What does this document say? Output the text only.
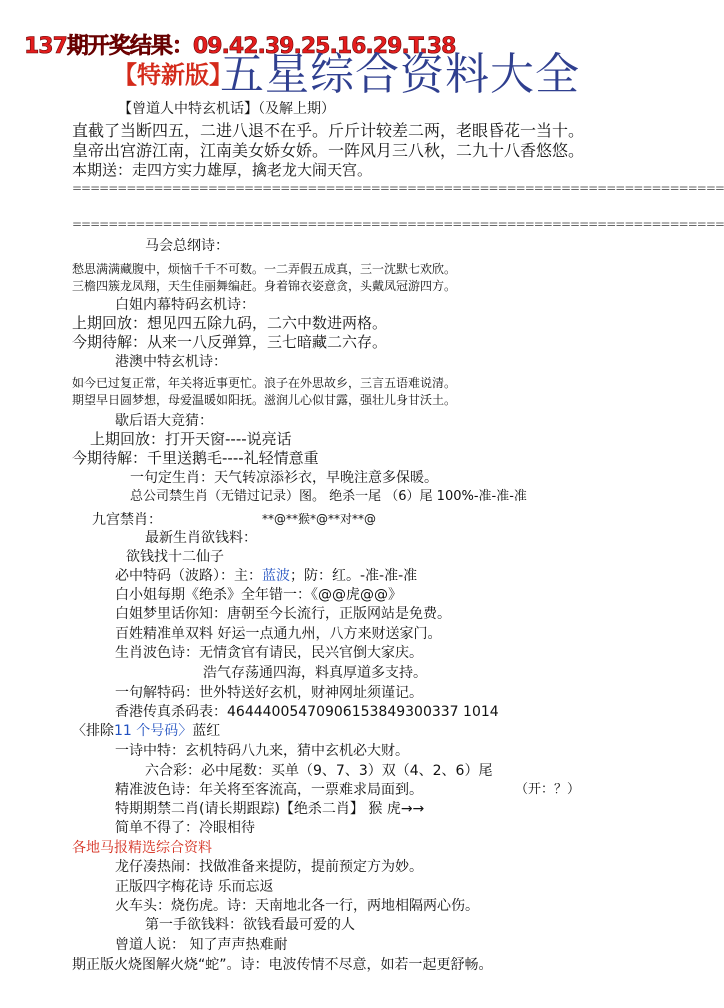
137期开奖结果：09.42.39.25.16.29.T.38
【特新版】
五星综合资料大全
【曾道人中特玄机话】（及解上期）
直截了当断四五，二进八退不在乎。斤斤计较差二两，老眼昏花一当十。
皇帝出宫游江南，江南美女娇女娇。一阵风月三八秋，二九十八香悠悠。
本期送：走四方实力雄厚，擒老龙大闹天宫。
========================================================================
========================================================================
马会总纲诗：
愁思满满藏腹中，烦恼千千不可数。一二弄假五成真，三一沈默七欢欣。
三檐四簇龙凤翔，天生佳丽舞编赶。身着锦衣姿意贪，头戴凤冠游四方。
白姐内幕特码玄机诗：
上期回放：想见四五除九码，二六中数进两格。
今期待解：从来一八反弹算，三七暗藏二六存。
港澳中特玄机诗：
如今已过复正常，年关将近事更忙。浪子在外思故乡，三言五语难说清。
期望早日圆梦想，母爱温暖如阳抚。滋润儿心似甘露，强壮儿身甘沃土。
歇后语大竞猜：
上期回放：打开天窗----说亮话
今期待解：千里送鹅毛----礼轻情意重
一句定生肖：天气转凉添衫衣，早晚注意多保暖。
总公司禁生肖（无错过记录）图。 绝杀一尾 （6）尾 100%-准-准-准
九宫禁肖：	**@**猴*@**对**@
最新生肖欲钱料：
欲钱找十二仙子
必中特码（波路）：主：蓝波；防：红。-准-准-准
白小姐每期《绝杀》全年错一：《@@虎@@》
白姐梦里话你知：唐朝至今长流行，正版网站是免费。
百姓精准单双料 好运一点通九州，八方来财送家门。
生肖波色诗：无情贪官有请民，民兴官倒大家庆。
浩气存荡通四海，料真厚道多支持。
一句解特码：世外特送好玄机，财神网址须谨记。
香港传真杀码表：46444005470906153849300337 1014
〈排除11 个号码〉蓝红
一诗中特：玄机特码八九来，猜中玄机必大财。
六合彩：必中尾数：买单（9、7、3）双（4、2、6）尾
精准波色诗：年关将至客流高，一票难求局面到。	（开：？）
特期期禁二肖(请长期跟踪)【绝杀二肖】 猴 虎→→
简单不得了：冷眼相待
各地马报精选综合资料
龙仔凑热闹：找做准备来提防，提前预定方为妙。
正版四字梅花诗 乐而忘返
火车头：烧伤虎。诗：天南地北各一行，两地相隔两心伤。
第一手欲钱料：欲钱看最可爱的人
曾道人说： 知了声声热难耐
期正版火烧图解火烧“蛇”。诗：电波传情不尽意，如若一起更舒畅。
